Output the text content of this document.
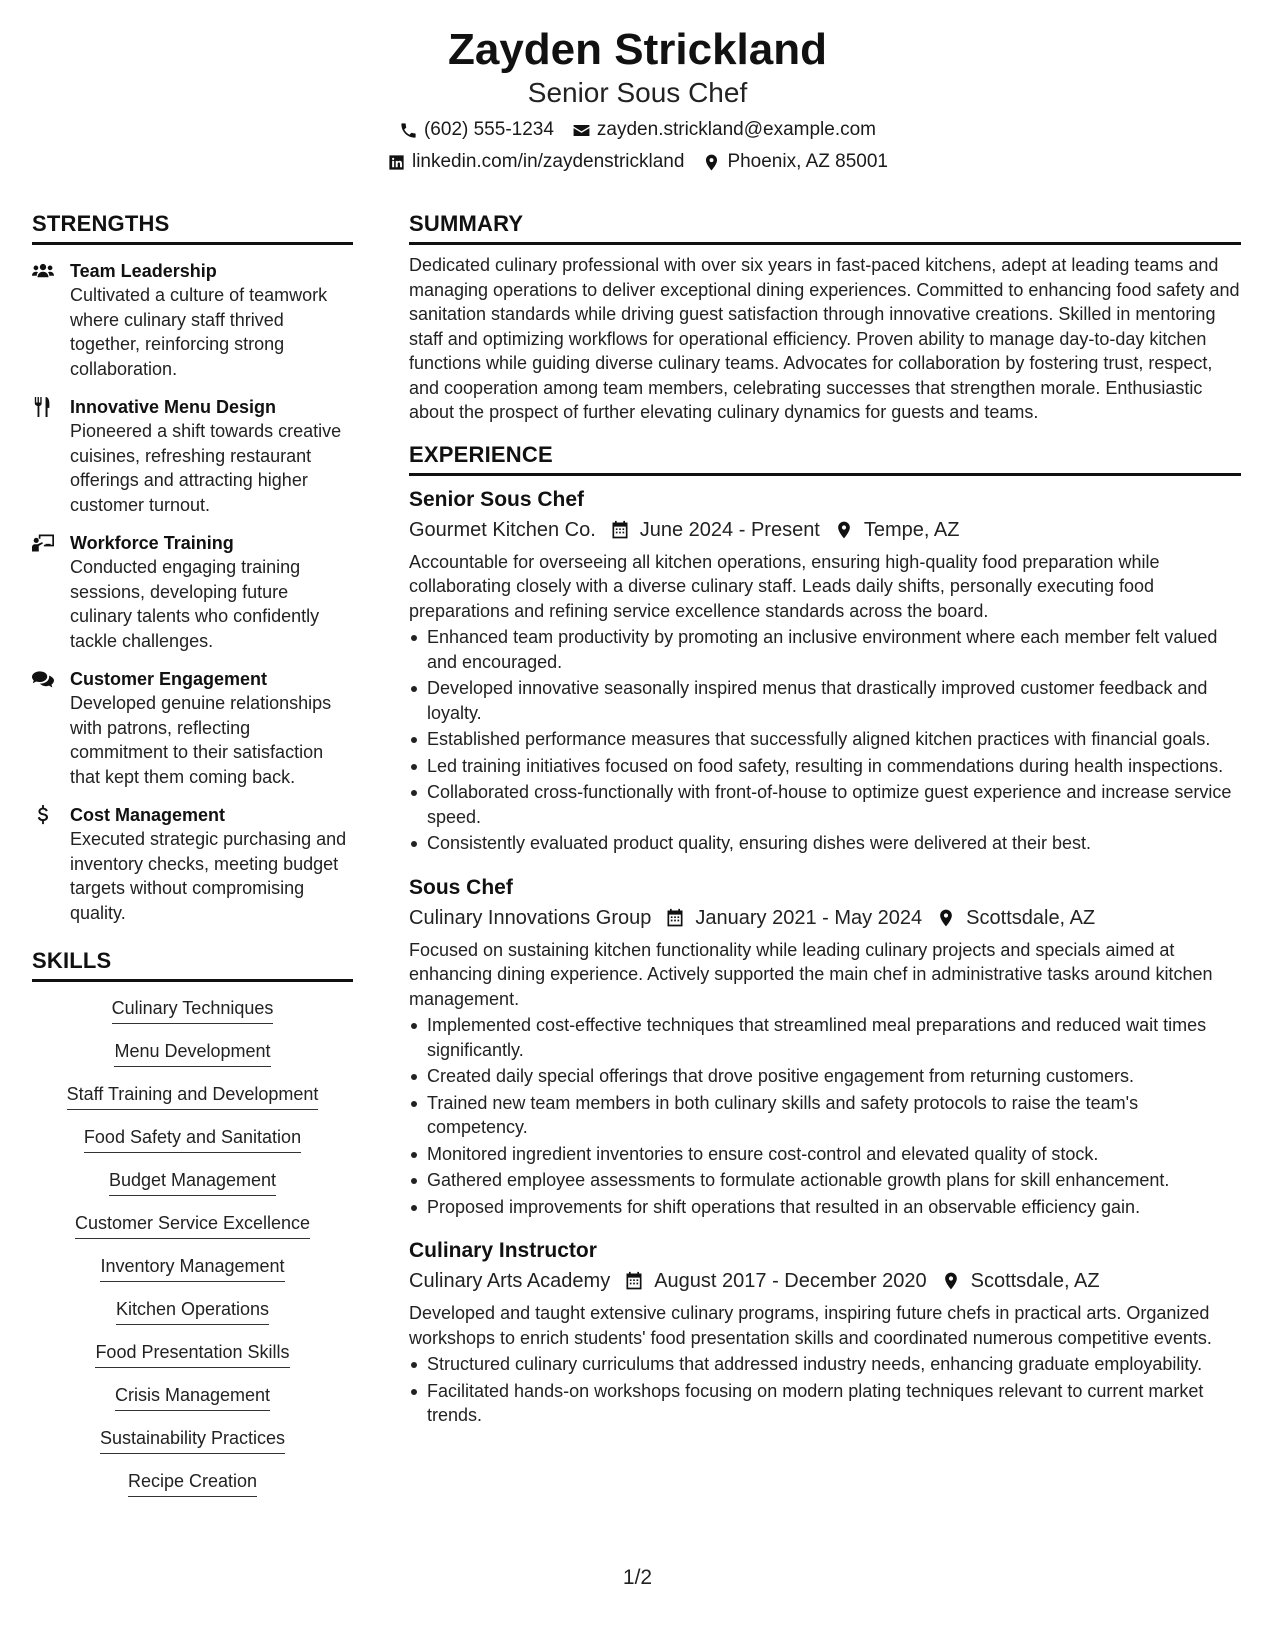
Zayden Strickland
Senior Sous Chef
(602) 555-1234 zayden.strickland@example.com
linkedin.com/in/zaydenstrickland Phoenix, AZ 85001
STRENGTHS
Team Leadership
Cultivated a culture of teamwork where culinary staff thrived together, reinforcing strong collaboration.
Innovative Menu Design
Pioneered a shift towards creative cuisines, refreshing restaurant offerings and attracting higher customer turnout.
Workforce Training
Conducted engaging training sessions, developing future culinary talents who confidently tackle challenges.
Customer Engagement
Developed genuine relationships with patrons, reflecting commitment to their satisfaction that kept them coming back.
Cost Management
Executed strategic purchasing and inventory checks, meeting budget targets without compromising quality.
SKILLS
Culinary Techniques
Menu Development
Staff Training and Development
Food Safety and Sanitation
Budget Management
Customer Service Excellence
Inventory Management
Kitchen Operations
Food Presentation Skills
Crisis Management
Sustainability Practices
Recipe Creation
SUMMARY
Dedicated culinary professional with over six years in fast-paced kitchens, adept at leading teams and managing operations to deliver exceptional dining experiences. Committed to enhancing food safety and sanitation standards while driving guest satisfaction through innovative creations. Skilled in mentoring staff and optimizing workflows for operational efficiency. Proven ability to manage day-to-day kitchen functions while guiding diverse culinary teams. Advocates for collaboration by fostering trust, respect, and cooperation among team members, celebrating successes that strengthen morale. Enthusiastic about the prospect of further elevating culinary dynamics for guests and teams.
EXPERIENCE
Senior Sous Chef
Gourmet Kitchen Co. June 2024 - Present Tempe, AZ
Accountable for overseeing all kitchen operations, ensuring high-quality food preparation while collaborating closely with a diverse culinary staff. Leads daily shifts, personally executing food preparations and refining service excellence standards across the board.
Enhanced team productivity by promoting an inclusive environment where each member felt valued and encouraged.
Developed innovative seasonally inspired menus that drastically improved customer feedback and loyalty.
Established performance measures that successfully aligned kitchen practices with financial goals.
Led training initiatives focused on food safety, resulting in commendations during health inspections.
Collaborated cross-functionally with front-of-house to optimize guest experience and increase service speed.
Consistently evaluated product quality, ensuring dishes were delivered at their best.
Sous Chef
Culinary Innovations Group January 2021 - May 2024 Scottsdale, AZ
Focused on sustaining kitchen functionality while leading culinary projects and specials aimed at enhancing dining experience. Actively supported the main chef in administrative tasks around kitchen management.
Implemented cost-effective techniques that streamlined meal preparations and reduced wait times significantly.
Created daily special offerings that drove positive engagement from returning customers.
Trained new team members in both culinary skills and safety protocols to raise the team's competency.
Monitored ingredient inventories to ensure cost-control and elevated quality of stock.
Gathered employee assessments to formulate actionable growth plans for skill enhancement.
Proposed improvements for shift operations that resulted in an observable efficiency gain.
Culinary Instructor
Culinary Arts Academy August 2017 - December 2020 Scottsdale, AZ
Developed and taught extensive culinary programs, inspiring future chefs in practical arts. Organized workshops to enrich students' food presentation skills and coordinated numerous competitive events.
Structured culinary curriculums that addressed industry needs, enhancing graduate employability.
Facilitated hands-on workshops focusing on modern plating techniques relevant to current market trends.
1/2
